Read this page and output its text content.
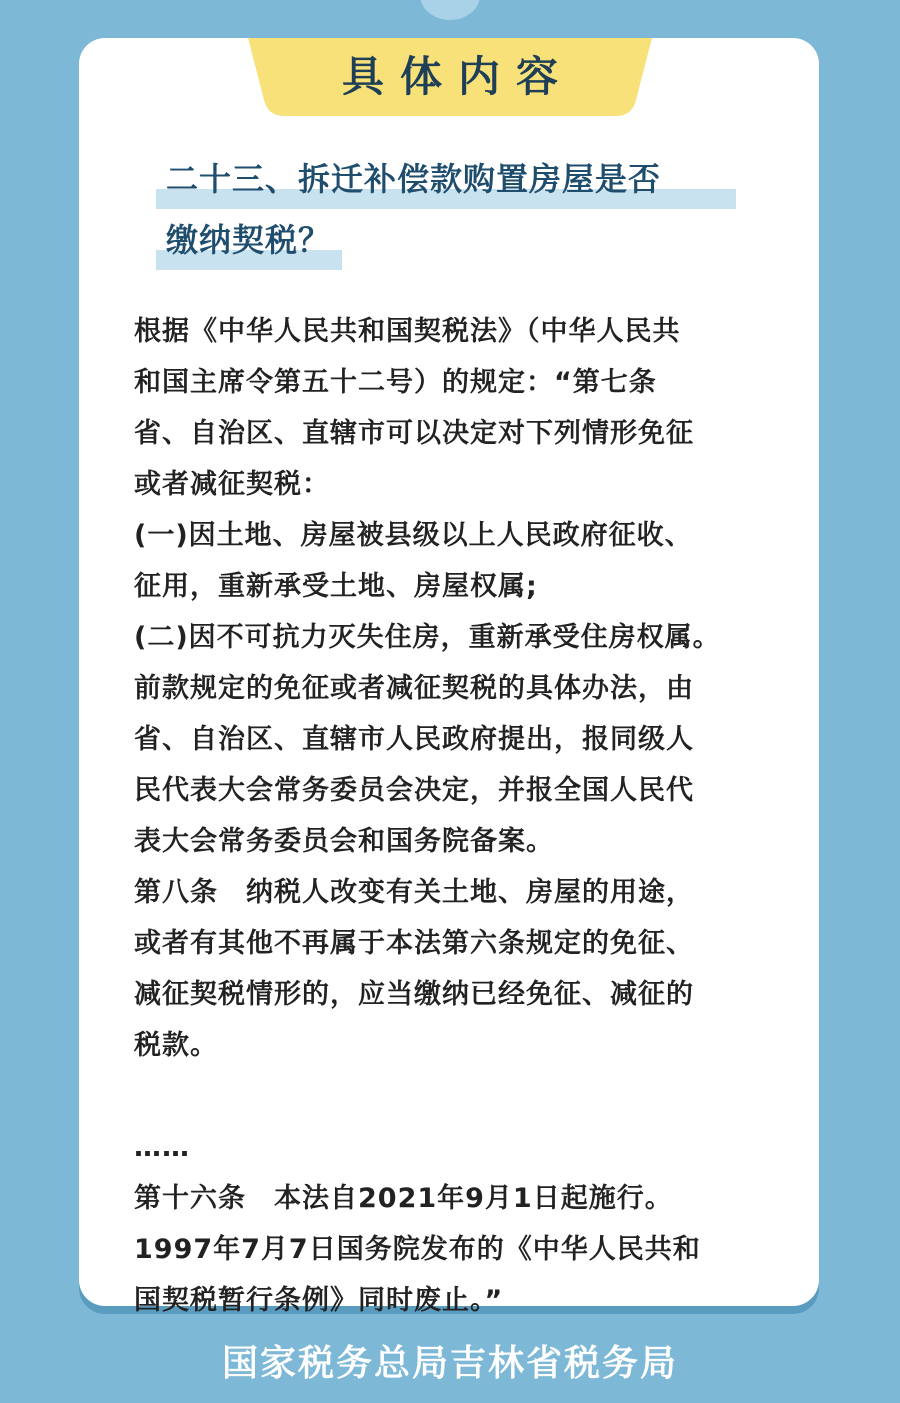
具体内容
二十三、拆迁补偿款购置房屋是否
缴纳契税？
根据《中华人民共和国契税法》（中华人民共
和国主席令第五十二号）的规定：“第七条
省、自治区、直辖市可以决定对下列情形免征
或者减征契税：
(一)因土地、房屋被县级以上人民政府征收、
征用，重新承受土地、房屋权属;
(二)因不可抗力灭失住房，重新承受住房权属。
前款规定的免征或者减征契税的具体办法，由
省、自治区、直辖市人民政府提出，报同级人
民代表大会常务委员会决定，并报全国人民代
表大会常务委员会和国务院备案。
第八条　纳税人改变有关土地、房屋的用途，
或者有其他不再属于本法第六条规定的免征、
减征契税情形的，应当缴纳已经免征、减征的
税款。
……
第十六条　本法自2021年9月1日起施行。
1997年7月7日国务院发布的《中华人民共和
国契税暂行条例》同时废止。”
国家税务总局吉林省税务局
